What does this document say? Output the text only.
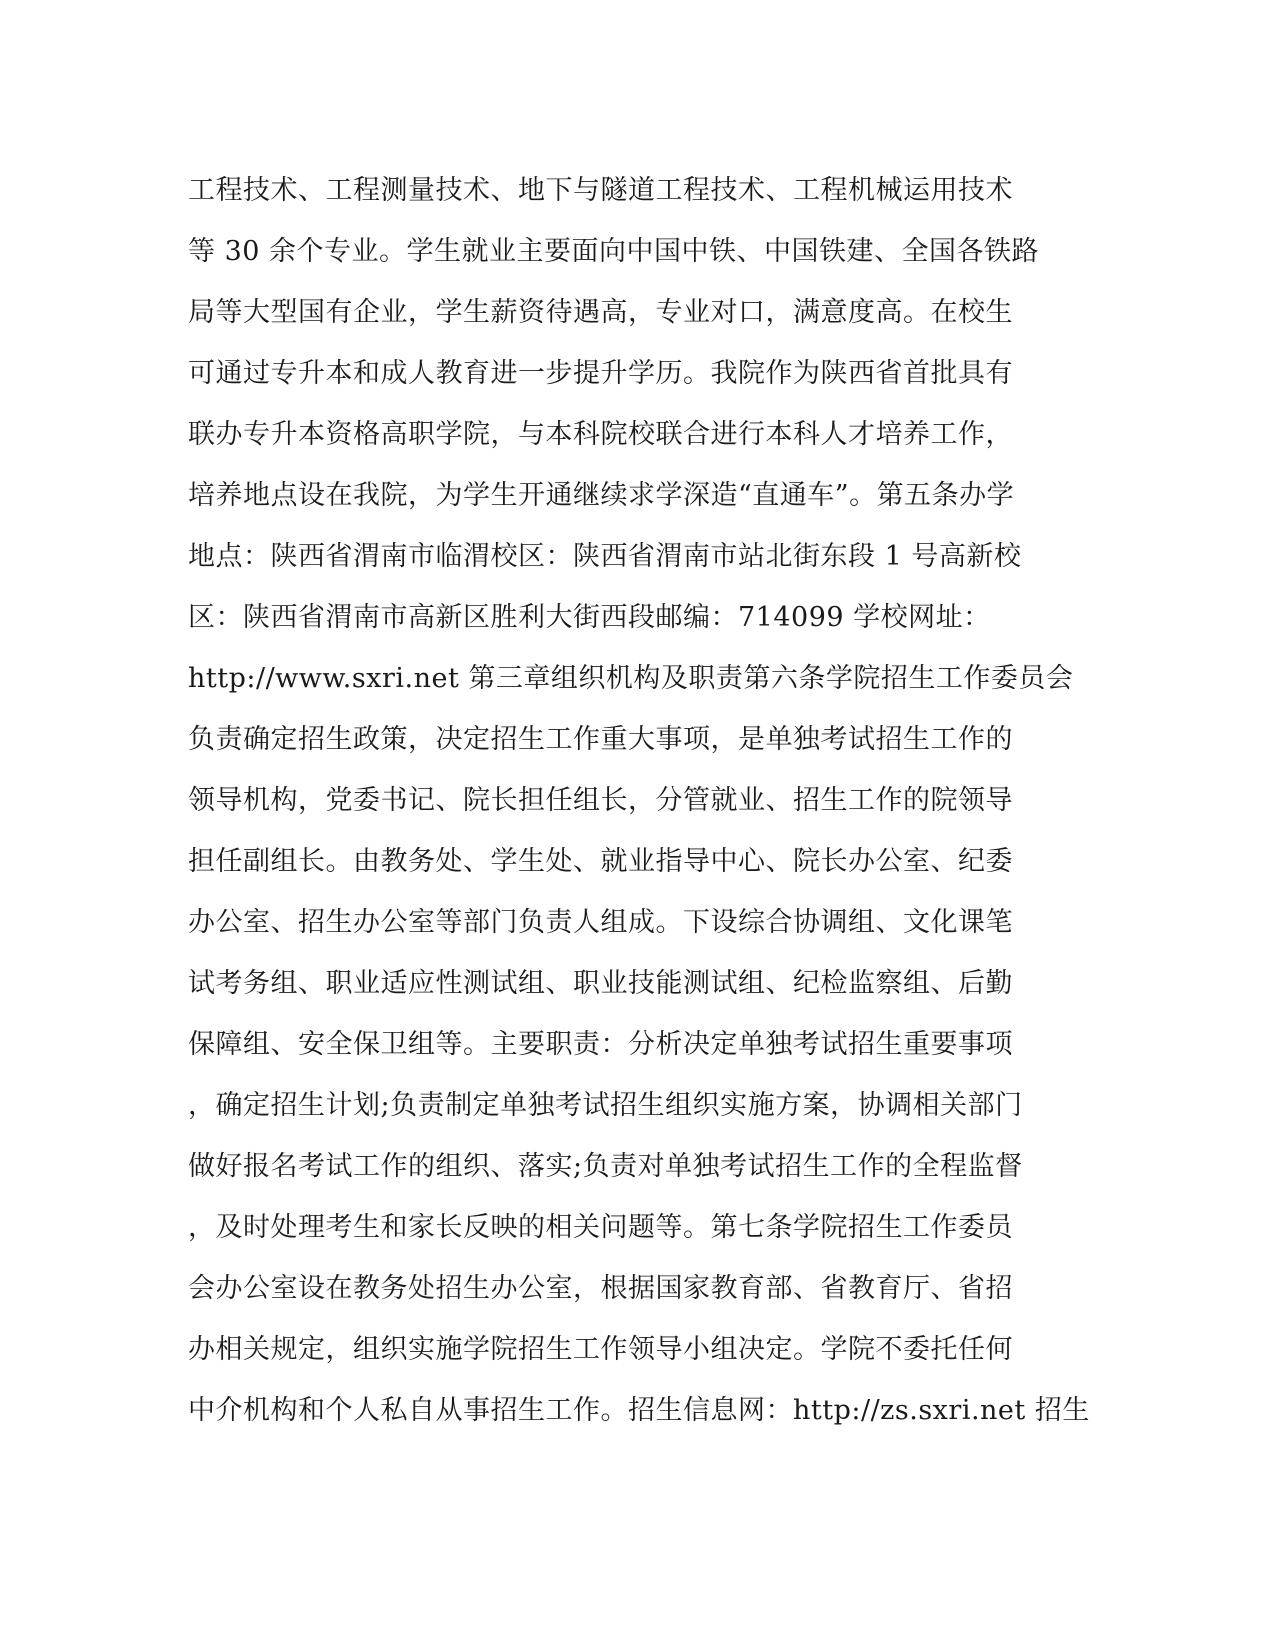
工程技术、工程测量技术、地下与隧道工程技术、工程机械运用技术
等 30 余个专业。学生就业主要面向中国中铁、中国铁建、全国各铁路
局等大型国有企业，学生薪资待遇高，专业对口，满意度高。在校生
可通过专升本和成人教育进一步提升学历。我院作为陕西省首批具有
联办专升本资格高职学院，与本科院校联合进行本科人才培养工作，
培养地点设在我院，为学生开通继续求学深造“直通车”。第五条办学
地点：陕西省渭南市临渭校区：陕西省渭南市站北街东段 1 号高新校
区：陕西省渭南市高新区胜利大街西段邮编：714099 学校网址：
http://www.sxri.net 第三章组织机构及职责第六条学院招生工作委员会
负责确定招生政策，决定招生工作重大事项，是单独考试招生工作的
领导机构，党委书记、院长担任组长，分管就业、招生工作的院领导
担任副组长。由教务处、学生处、就业指导中心、院长办公室、纪委
办公室、招生办公室等部门负责人组成。下设综合协调组、文化课笔
试考务组、职业适应性测试组、职业技能测试组、纪检监察组、后勤
保障组、安全保卫组等。主要职责：分析决定单独考试招生重要事项
，确定招生计划;负责制定单独考试招生组织实施方案，协调相关部门
做好报名考试工作的组织、落实;负责对单独考试招生工作的全程监督
，及时处理考生和家长反映的相关问题等。第七条学院招生工作委员
会办公室设在教务处招生办公室，根据国家教育部、省教育厅、省招
办相关规定，组织实施学院招生工作领导小组决定。学院不委托任何
中介机构和个人私自从事招生工作。招生信息网：http://zs.sxri.net 招生
